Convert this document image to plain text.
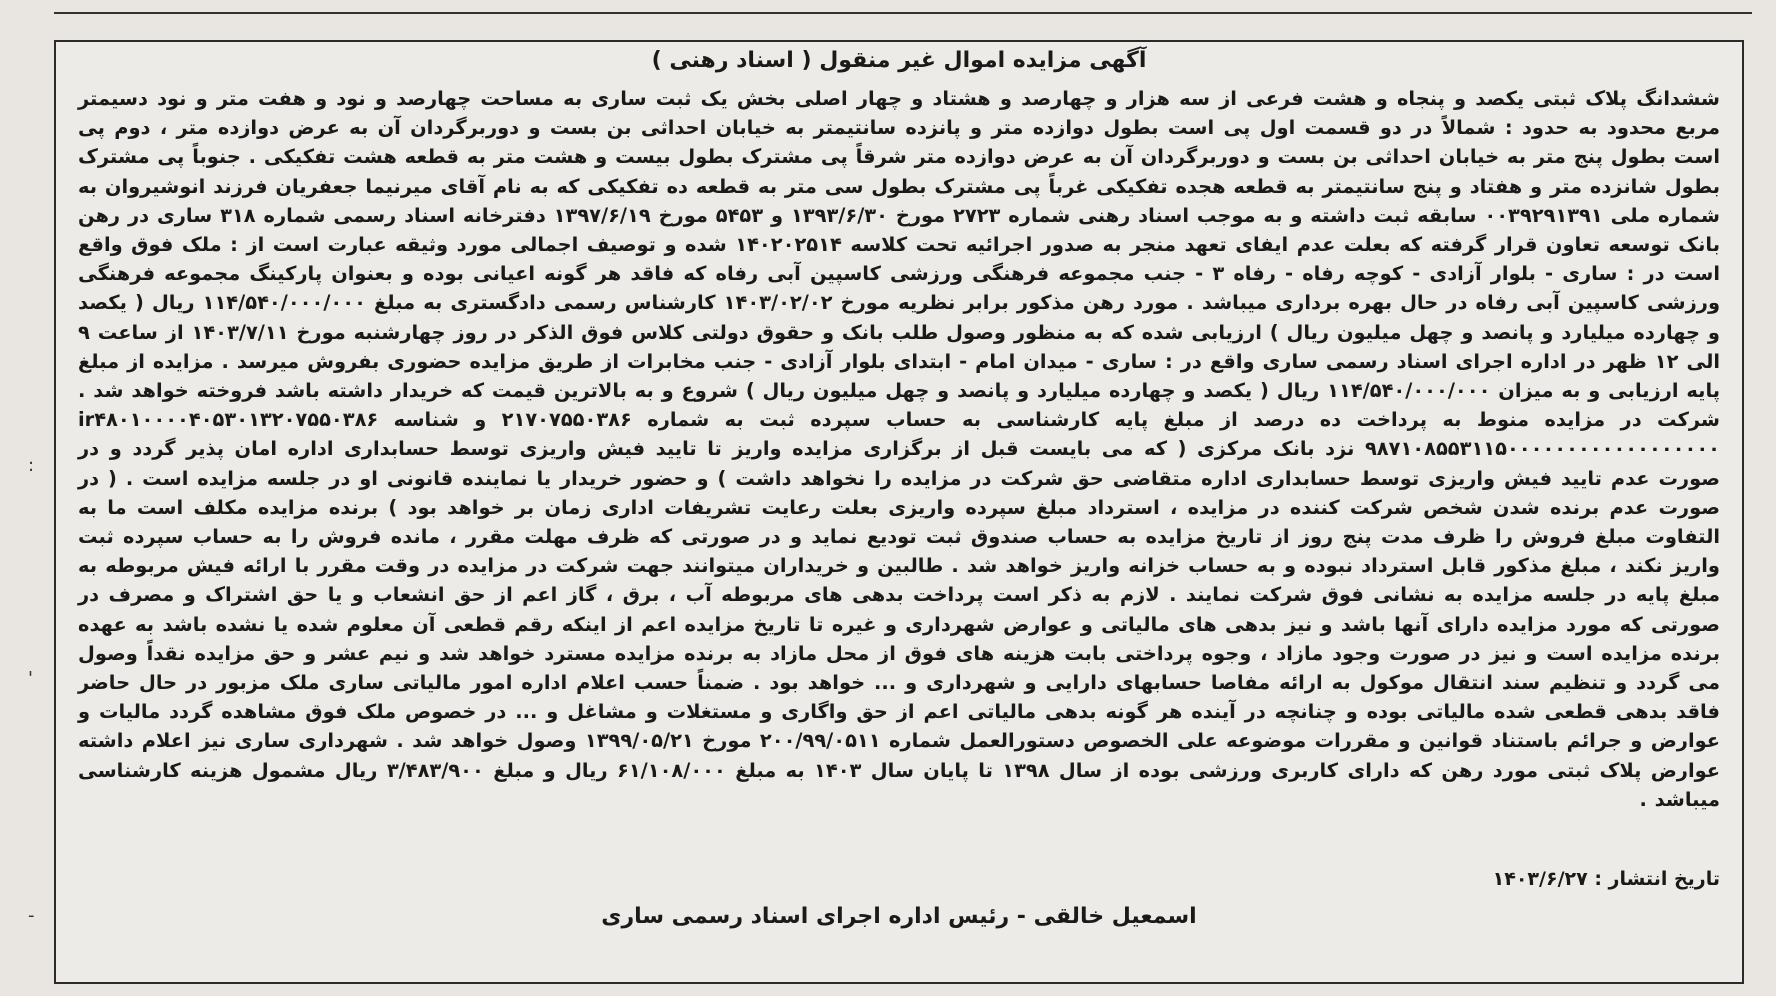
آگهی مزایده اموال غیر منقول ( اسناد رهنی )
ششدانگ پلاک ثبتی یکصد و پنجاه و هشت فرعی از سه هزار و چهارصد و هشتاد و چهار اصلی بخش یک ثبت ساری به مساحت چهارصد و نود و هفت متر و نود دسیمتر مربع محدود به حدود : شمالاً در دو قسمت اول پی است بطول دوازده متر و پانزده سانتیمتر به خیابان احداثی بن بست و دوربرگردان آن به عرض دوازده متر ، دوم پی است بطول پنج متر به خیابان احداثی بن بست و دوربرگردان آن به عرض دوازده متر شرقاً پی مشترک بطول بیست و هشت متر به قطعه هشت تفکیکی . جنوباً پی مشترک بطول شانزده متر و هفتاد و پنج سانتیمتر به قطعه هجده تفکیکی غرباً پی مشترک بطول سی متر به قطعه ده تفکیکی که به نام آقای میرنیما جعفریان فرزند انوشیروان به شماره ملی ۰۰۳۹۲۹۱۳۹۱ سابقه ثبت داشته و به موجب اسناد رهنی شماره ۲۷۲۳ مورخ ۱۳۹۳/۶/۳۰ و ۵۴۵۳ مورخ ۱۳۹۷/۶/۱۹ دفترخانه اسناد رسمی شماره ۳۱۸ ساری در رهن بانک توسعه تعاون قرار گرفته که بعلت عدم ایفای تعهد منجر به صدور اجرائیه تحت کلاسه ۱۴۰۲۰۲۵۱۴ شده و توصیف اجمالی مورد وثیقه عبارت است از : ملک فوق واقع است در : ساری - بلوار آزادی - کوچه رفاه - رفاه ۳ - جنب مجموعه فرهنگی ورزشی کاسپین آبی رفاه که فاقد هر گونه اعیانی بوده و بعنوان پارکینگ مجموعه فرهنگی ورزشی کاسپین آبی رفاه در حال بهره برداری میباشد . مورد رهن مذکور برابر نظریه مورخ ۱۴۰۳/۰۲/۰۲ کارشناس رسمی دادگستری به مبلغ ۱۱۴/۵۴۰/۰۰۰/۰۰۰ ریال ( یکصد و چهارده میلیارد و پانصد و چهل میلیون ریال ) ارزیابی شده که به منظور وصول طلب بانک و حقوق دولتی کلاس فوق الذکر در روز چهارشنبه مورخ ۱۴۰۳/۷/۱۱ از ساعت ۹ الی ۱۲ ظهر در اداره اجرای اسناد رسمی ساری واقع در : ساری - میدان امام - ابتدای بلوار آزادی - جنب مخابرات از طریق مزایده حضوری بفروش میرسد . مزایده از مبلغ پایه ارزیابی و به میزان ۱۱۴/۵۴۰/۰۰۰/۰۰۰ ریال ( یکصد و چهارده میلیارد و پانصد و چهل میلیون ریال ) شروع و به بالاترین قیمت که خریدار داشته باشد فروخته خواهد شد . شرکت در مزایده منوط به پرداخت ده درصد از مبلغ پایه کارشناسی به حساب سپرده ثبت به شماره ۲۱۷۰۷۵۵۰۳۸۶ و شناسه ir۴۸۰۱۰۰۰۰۴۰۵۳۰۱۳۲۰۷۵۵۰۳۸۶ ۹۸۷۱۰۸۵۵۳۱۱۵۰۰۰۰۰۰۰۰۰۰۰۰۰۰۰۰۰۰ نزد بانک مرکزی ( که می بایست قبل از برگزاری مزایده واریز تا تایید فیش واریزی توسط حسابداری اداره امان پذیر گردد و در صورت عدم تایید فیش واریزی توسط حسابداری اداره متقاضی حق شرکت در مزایده را نخواهد داشت ) و حضور خریدار یا نماینده قانونی او در جلسه مزایده است . ( در صورت عدم برنده شدن شخص شرکت کننده در مزایده ، استرداد مبلغ سپرده واریزی بعلت رعایت تشریفات اداری زمان بر خواهد بود ) برنده مزایده مکلف است ما به التفاوت مبلغ فروش را ظرف مدت پنج روز از تاریخ مزایده به حساب صندوق ثبت تودیع نماید و در صورتی که ظرف مهلت مقرر ، مانده فروش را به حساب سپرده ثبت واریز نکند ، مبلغ مذکور قابل استرداد نبوده و به حساب خزانه واریز خواهد شد . طالبین و خریداران میتوانند جهت شرکت در مزایده در وقت مقرر با ارائه فیش مربوطه به مبلغ پایه در جلسه مزایده به نشانی فوق شرکت نمایند . لازم به ذکر است پرداخت بدهی های مربوطه آب ، برق ، گاز اعم از حق انشعاب و یا حق اشتراک و مصرف در صورتی که مورد مزایده دارای آنها باشد و نیز بدهی های مالیاتی و عوارض شهرداری و غیره تا تاریخ مزایده اعم از اینکه رقم قطعی آن معلوم شده یا نشده باشد به عهده برنده مزایده است و نیز در صورت وجود مازاد ، وجوه پرداختی بابت هزینه های فوق از محل مازاد به برنده مزایده مسترد خواهد شد و نیم عشر و حق مزایده نقداً وصول می گردد و تنظیم سند انتقال موکول به ارائه مفاصا حسابهای دارایی و شهرداری و ... خواهد بود . ضمناً حسب اعلام اداره امور مالیاتی ساری ملک مزبور در حال حاضر فاقد بدهی قطعی شده مالیاتی بوده و چنانچه در آینده هر گونه بدهی مالیاتی اعم از حق واگاری و مستغلات و مشاغل و ... در خصوص ملک فوق مشاهده گردد مالیات و عوارض و جرائم باستناد قوانین و مقررات موضوعه علی الخصوص دستورالعمل شماره ۲۰۰/۹۹/۰۵۱۱ مورخ ۱۳۹۹/۰۵/۲۱ وصول خواهد شد . شهرداری ساری نیز اعلام داشته عوارض پلاک ثبتی مورد رهن که دارای کاربری ورزشی بوده از سال ۱۳۹۸ تا پایان سال ۱۴۰۳ به مبلغ ۶۱/۱۰۸/۰۰۰ ریال و مبلغ ۳/۴۸۳/۹۰۰ ریال مشمول هزینه کارشناسی میباشد .
تاریخ انتشار : ۱۴۰۳/۶/۲۷
اسمعیل خالقی - رئیس اداره اجرای اسناد رسمی ساری
:
'
-
